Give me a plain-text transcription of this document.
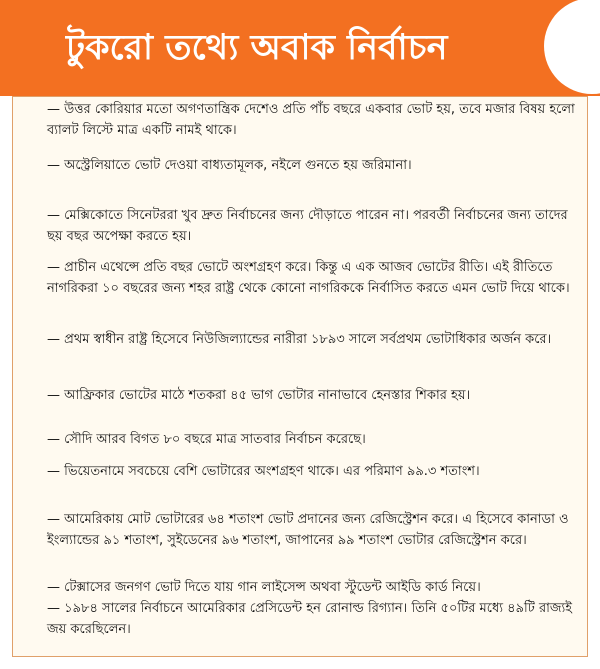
টুকরো তথ্যে অবাক নির্বাচন
— উত্তর কোরিয়ার মতো অগণতান্ত্রিক দেশেও প্রতি পাঁচ বছরে একবার ভোট হয়, তবে মজার বিষয় হলো ব্যালট লিস্টে মাত্র একটি নামই থাকে।
— অস্ট্রেলিয়াতে ভোট দেওয়া বাধ্যতামূলক, নইলে গুনতে হয় জরিমানা।
— মেক্সিকোতে সিনেটররা খুব দ্রুত নির্বাচনের জন্য দৌড়াতে পারেন না। পরবর্তী নির্বাচনের জন্য তাদের ছয় বছর অপেক্ষা করতে হয়।
— প্রাচীন এথেন্সে প্রতি বছর ভোটে অংশগ্রহণ করে। কিন্তু এ এক আজব ভোটের রীতি। এই রীতিতে নাগরিকরা ১০ বছরের জন্য শহর রাষ্ট্র থেকে কোনো নাগরিককে নির্বাসিত করতে এমন ভোট দিয়ে থাকে।
— প্রথম স্বাধীন রাষ্ট্র হিসেবে নিউজিল্যান্ডের নারীরা ১৮৯৩ সালে সর্বপ্রথম ভোটাধিকার অর্জন করে।
— আফ্রিকার ভোটের মাঠে শতকরা ৪৫ ভাগ ভোটার নানাভাবে হেনস্তার শিকার হয়।
— সৌদি আরব বিগত ৮০ বছরে মাত্র সাতবার নির্বাচন করেছে।
— ভিয়েতনামে সবচেয়ে বেশি ভোটারের অংশগ্রহণ থাকে। এর পরিমাণ ৯৯.৩ শতাংশ।
— আমেরিকায় মোট ভোটারের ৬৪ শতাংশ ভোট প্রদানের জন্য রেজিস্ট্রেশন করে। এ হিসেবে কানাডা ও ইংল্যান্ডের ৯১ শতাংশ, সুইডেনের ৯৬ শতাংশ, জাপানের ৯৯ শতাংশ ভোটার রেজিস্ট্রেশন করে।
— টেক্সাসের জনগণ ভোট দিতে যায় গান লাইসেন্স অথবা স্টুডেন্ট আইডি কার্ড নিয়ে।
— ১৯৮৪ সালের নির্বাচনে আমেরিকার প্রেসিডেন্ট হন রোনাল্ড রিগ্যান। তিনি ৫০টির মধ্যে ৪৯টি রাজ্যই জয় করেছিলেন।
